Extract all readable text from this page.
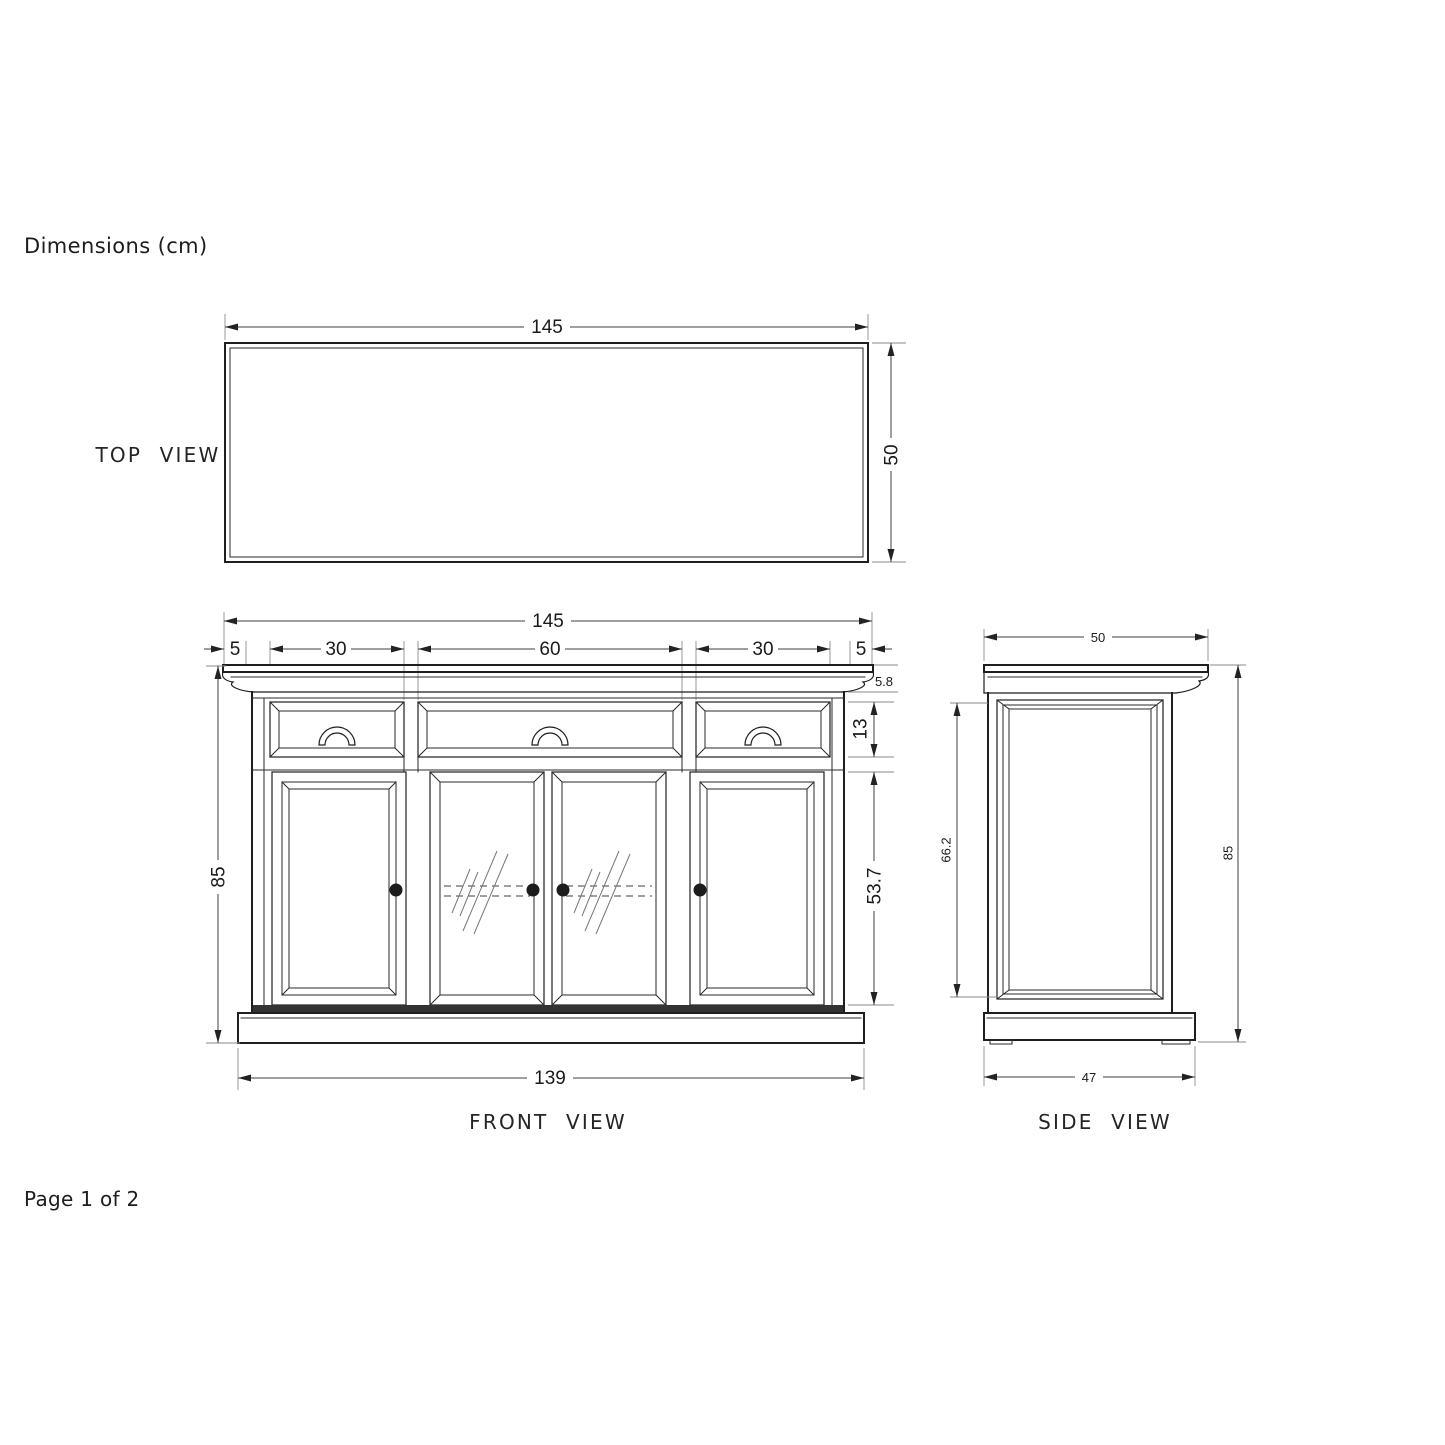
Dimensions (cm)
145
50
TOP VIEW
145
5	30	60	30	5
85
5.8
13
53.7
139
FRONT VIEW
50
66.2	85
47
SIDE VIEW
Page 1 of 2
